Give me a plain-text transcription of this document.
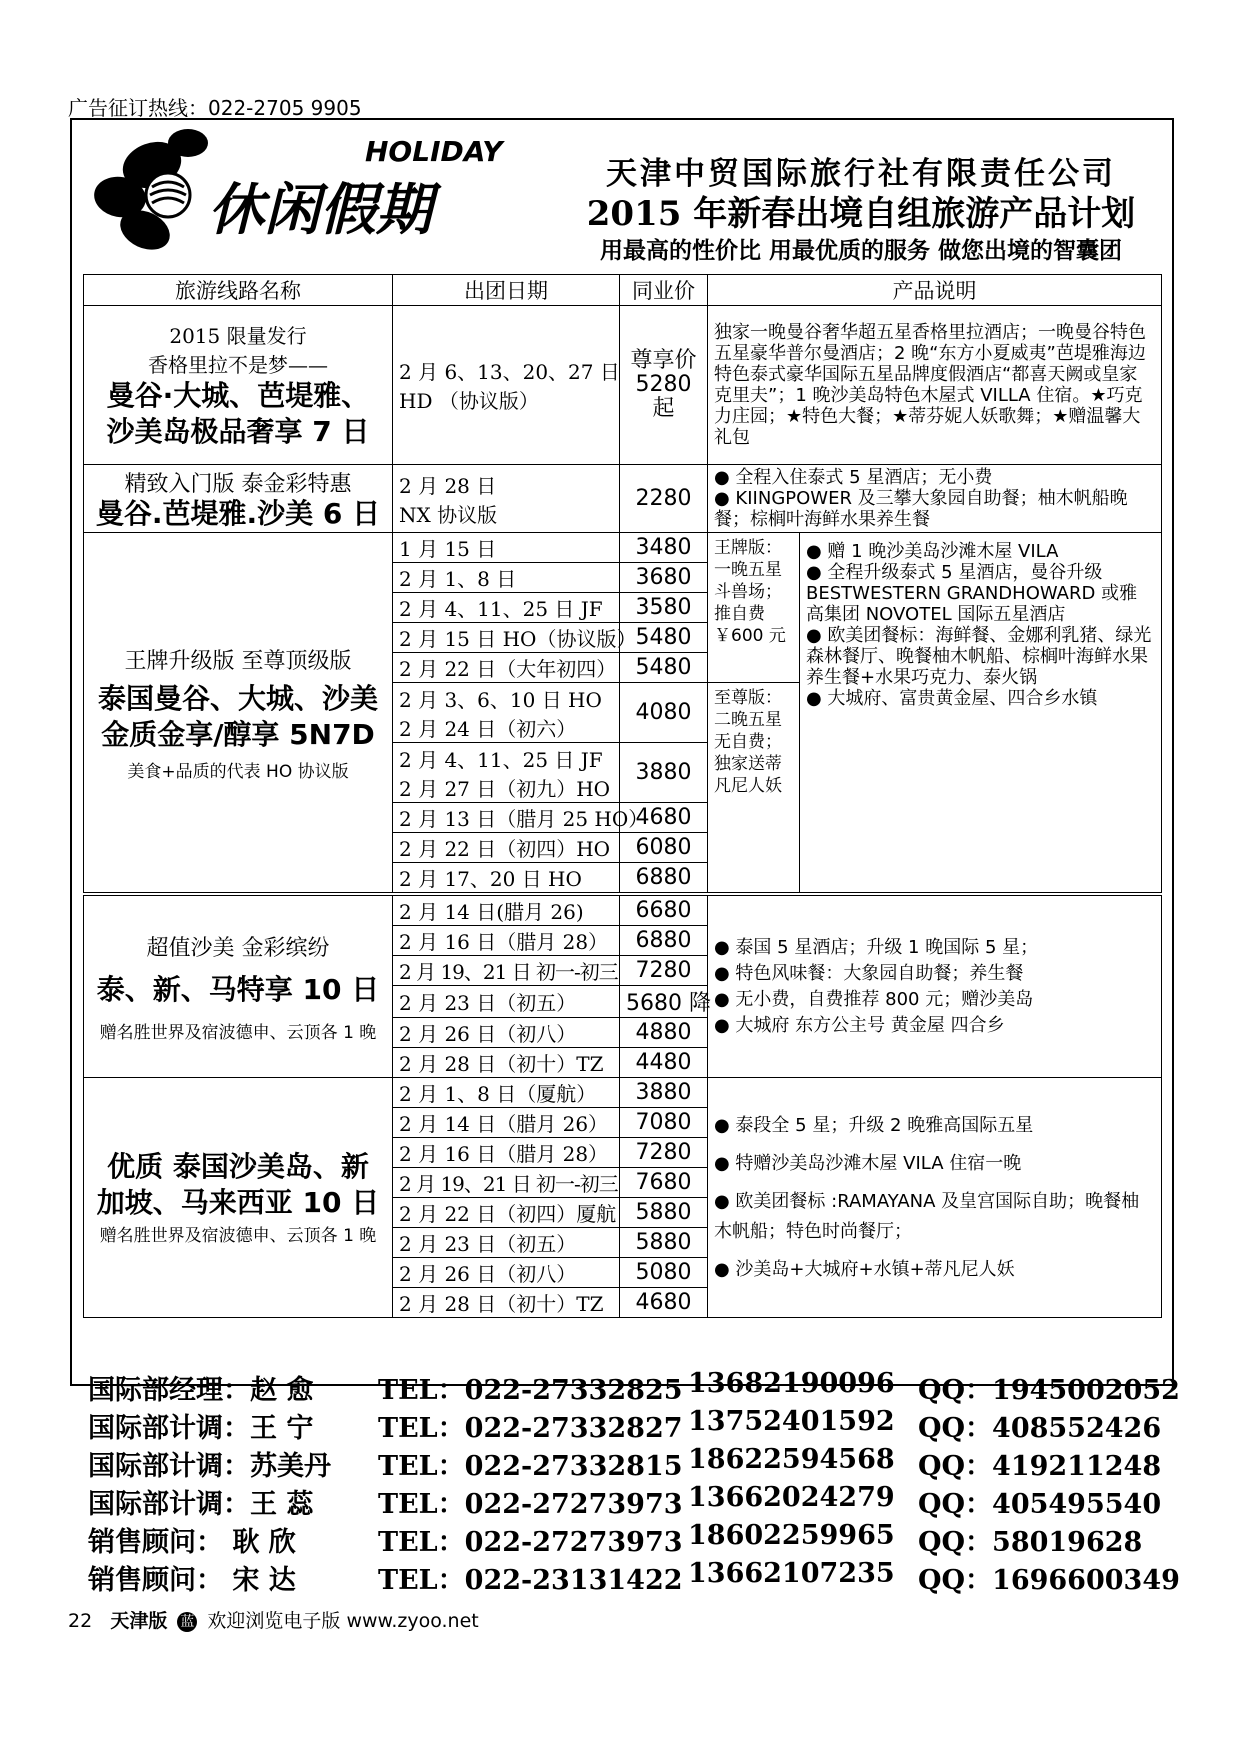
广告征订热线：022-2705 9905
休闲假期
HOLIDAY
天津中贸国际旅行社有限责任公司
2015 年新春出境自组旅游产品计划
用最高的性价比 用最优质的服务 做您出境的智囊团
旅游线路名称	出团日期	同业价	产品说明	

2015 限量发行
香格里拉不是梦——
曼谷·大城、芭堤雅、
沙美岛极品奢享 7 日	2 月 6、13、20、27 日
HD （协议版）	尊享价
5280
起	独家一晚曼谷奢华超五星香格里拉酒店；一晚曼谷特色五星豪华普尔曼酒店；2 晚“东方小夏威夷”芭堤雅海边特色泰式豪华国际五星品牌度假酒店“都喜天阙或皇家克里夫”；1 晚沙美岛特色木屋式 VILLA 住宿。★巧克力庄园；★特色大餐；★蒂芬妮人妖歌舞；★赠温馨大礼包	

精致入门版 泰金彩特惠
曼谷.芭堤雅.沙美 6 日	2 月 28 日
NX 协议版	2280	● 全程入住泰式 5 星酒店；无小费
● KIINGPOWER 及三攀大象园自助餐；柚木帆船晚餐；棕榈叶海鲜水果养生餐	

王牌升级版 至尊顶级版
泰国曼谷、大城、沙美
金质金享/醇享 5N7D
美食+品质的代表 HO 协议版	1 月 15 日	3480	王牌版：一晚五星斗兽场；推自费￥600 元	● 赠 1 晚沙美岛沙滩木屋 VILA
● 全程升级泰式 5 星酒店，曼谷升级 BESTWESTERN GRANDHOWARD 或雅高集团 NOVOTEL 国际五星酒店
● 欧美团餐标：海鲜餐、金娜利乳猪、绿光森林餐厅、晚餐柚木帆船、棕榈叶海鲜水果养生餐+水果巧克力、泰火锅
● 大城府、富贵黄金屋、四合乡水镇

	2 月 1、8 日	3680		
	2 月 4、11、25 日 JF	3580		
	2 月 15 日 HO（协议版）	5480		
	2 月 22 日（大年初四）	5480		

	2 月 3、6、10 日 HO
2 月 24 日（初六）	4080	至尊版：二晚五星无自费；独家送蒂凡尼人妖	

	2 月 4、11、25 日 JF
2 月 27 日（初九）HO	3880		
	2 月 13 日（腊月 25 HO）	4680		
	2 月 22 日（初四）HO	6080		
	2 月 17、20 日 HO	6880		

超值沙美 金彩缤纷
泰、新、马特享 10 日
赠名胜世界及宿波德申、云顶各 1 晚	2 月 14 日(腊月 26)	6680	● 泰国 5 星酒店；升级 1 晚国际 5 星；
● 特色风味餐：大象园自助餐；养生餐
● 无小费，自费推荐 800 元；赠沙美岛
● 大城府 东方公主号 黄金屋 四合乡	

	2 月 16 日（腊月 28）	6880		
	2 月 19、21 日 初一-初三	7280		
	2 月 23 日（初五）	5680 降		
	2 月 26 日（初八）	4880		
	2 月 28 日（初十）TZ	4480		

优质 泰国沙美岛、新
加坡、马来西亚 10 日
赠名胜世界及宿波德申、云顶各 1 晚	2 月 1、8 日（厦航）	3880	● 泰段全 5 星；升级 2 晚雅高国际五星
● 特赠沙美岛沙滩木屋 VILA 住宿一晚
● 欧美团餐标 :RAMAYANA 及皇宫国际自助；晚餐柚木帆船；特色时尚餐厅；
● 沙美岛+大城府+水镇+蒂凡尼人妖	

	2 月 14 日（腊月 26）	7080		
	2 月 16 日（腊月 28）	7280		
	2 月 19、21 日 初一-初三	7680		
	2 月 22 日（初四）厦航	5880		
	2 月 23 日（初五）	5880		
	2 月 26 日（初八）	5080		
	2 月 28 日（初十）TZ	4680		
国际部经理：赵 愈 TEL：022-27332825 13682190096 QQ：1945002052
国际部计调：王 宁 TEL：022-27332827 13752401592 QQ：408552426
国际部计调：苏美丹 TEL：022-27332815 18622594568 QQ：419211248
国际部计调：王 蕊 TEL：022-27273973 13662024279 QQ：405495540
销售顾问： 耿 欣	TEL：022-27273973 18602259965 QQ：58019628
销售顾问： 宋 达	TEL：022-23131422 13662107235 QQ：1696600349
22 天津版 蓝 欢迎浏览电子版 www.zyoo.net
